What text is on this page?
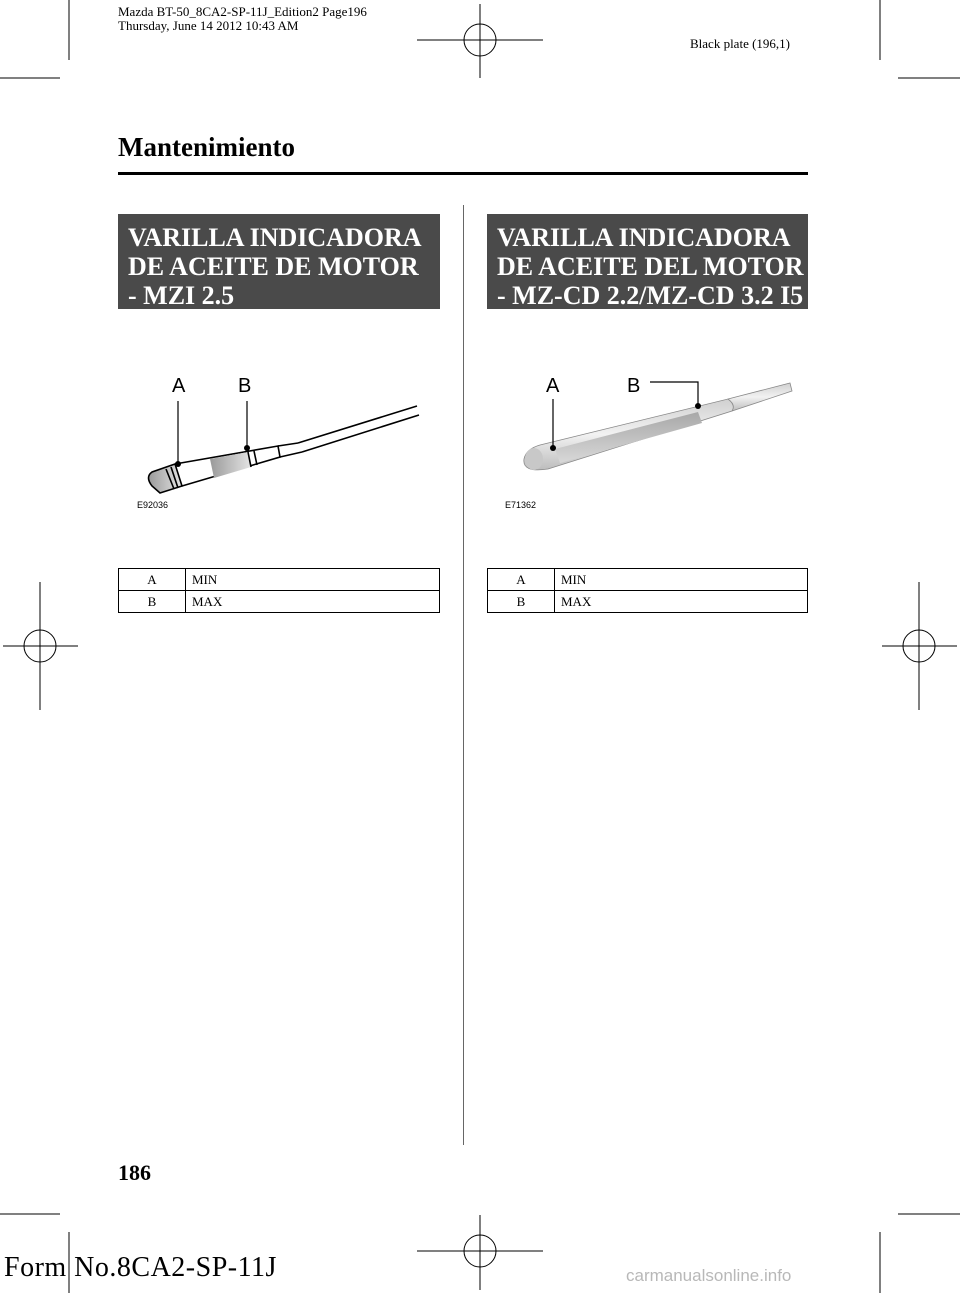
Mazda BT-50_8CA2-SP-11J_Edition2 Page196
Thursday, June 14 2012 10:43 AM
Black plate (196,1)
Mantenimiento
VARILLA INDICADORA
DE ACEITE DE MOTOR
- MZI 2.5
A	B
E92036
A	MIN
B	MAX
VARILLA INDICADORA
DE ACEITE DEL MOTOR
- MZ-CD 2.2/MZ-CD 3.2 I5
A	B
E71362
A	MIN
B	MAX
186
Form No.8CA2-SP-11J	carmanualsonline.info
